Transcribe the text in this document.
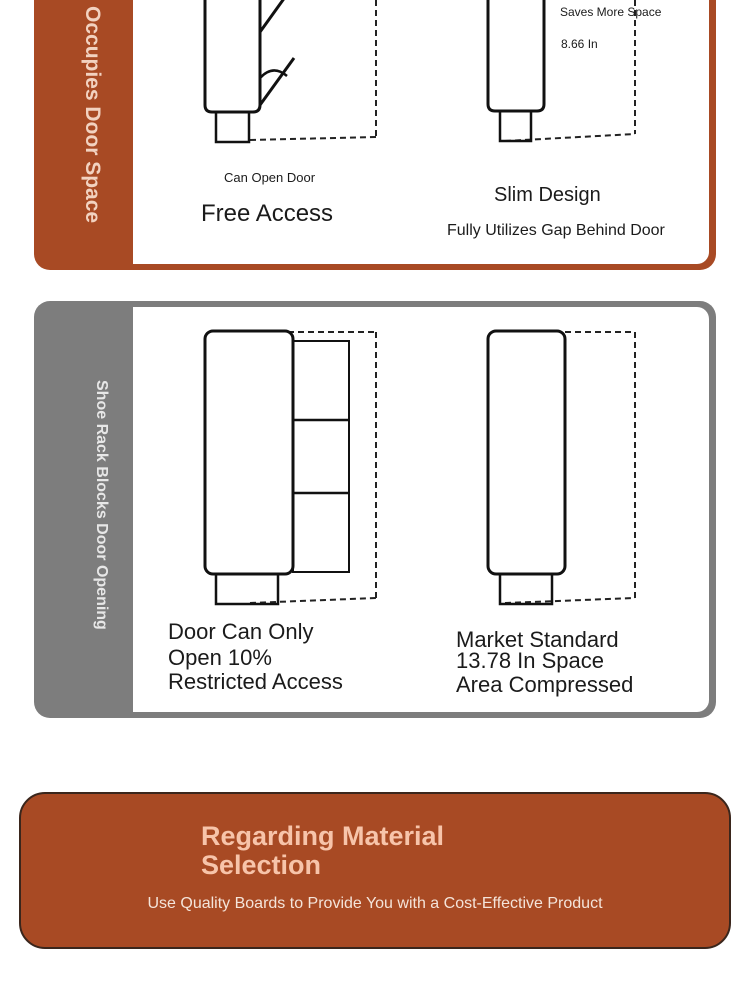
Occupies Door Space	Can Open Door
Free Access
Saves More Space
8.66 In
Slim Design
Fully Utilizes Gap Behind Door
Shoe Rack Blocks Door Opening
Door Can Only
Open 10%
Restricted Access
Market Standard
13.78 In Space
Area Compressed
Regarding Material Selection
Use Quality Boards to Provide You with a Cost-Effective Product
